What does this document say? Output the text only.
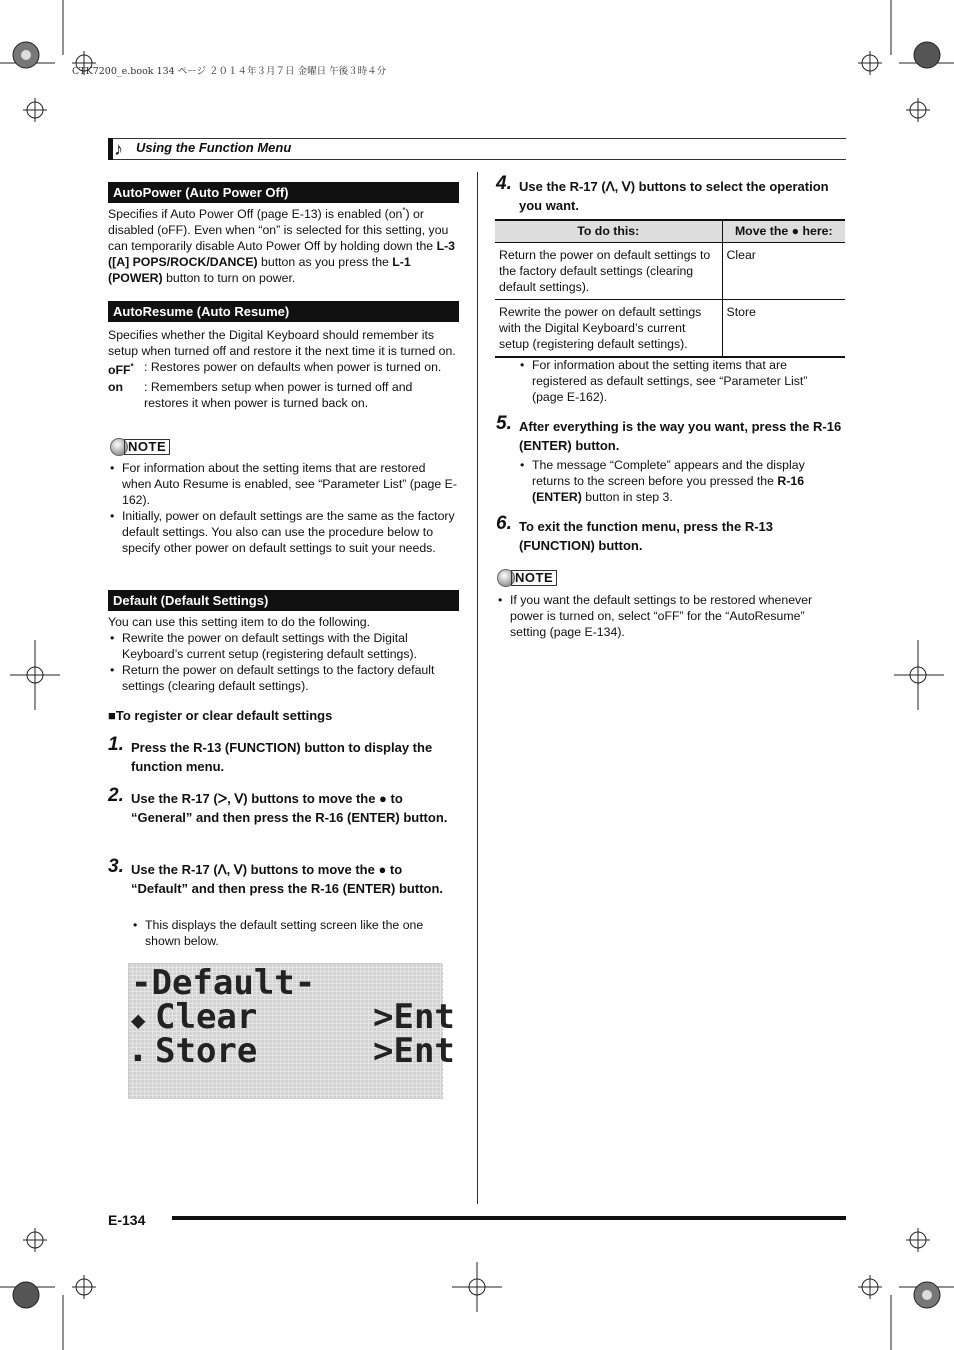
CTK7200_e.book 134 ページ ２０１４年３月７日 金曜日 午後３時４分
♪ Using the Function Menu
AutoPower (Auto Power Off)
Specifies if Auto Power Off (page E-13) is enabled (on*) or disabled (oFF). Even when “on” is selected for this setting, you can temporarily disable Auto Power Off by holding down the L-3 ([A] POPS/ROCK/DANCE) button as you press the L-1 (POWER) button to turn on power.
AutoResume (Auto Resume)
Specifies whether the Digital Keyboard should remember its setup when turned off and restore it the next time it is turned on.
oFF* : Restores power on defaults when power is turned on.
on	: Remembers setup when power is turned off and restores it when power is turned back on.
NOTE
• For information about the setting items that are restored when Auto Resume is enabled, see “Parameter List” (page E-162).
• Initially, power on default settings are the same as the factory default settings. You also can use the procedure below to specify other power on default settings to suit your needs.
Default (Default Settings)
You can use this setting item to do the following.
• Rewrite the power on default settings with the Digital Keyboard’s current setup (registering default settings).
• Return the power on default settings to the factory default settings (clearing default settings).
■To register or clear default settings
1. Press the R-13 (FUNCTION) button to display the function menu.
2. Use the R-17 (ᐳ, ᐯ) buttons to move the ● to “General” and then press the R-16 (ENTER) button.
3. Use the R-17 (ᐱ, ᐯ) buttons to move the ● to “Default” and then press the R-16 (ENTER) button.
• This displays the default setting screen like the one shown below.
-Default-
◆ Clear	>Ent
▪ Store	>Ent
4. Use the R-17 (ᐱ, ᐯ) buttons to select the operation you want.
To do this:	Move the ● here:
Return the power on default settings to the factory default settings (clearing default settings).	Clear
Rewrite the power on default settings with the Digital Keyboard’s current setup (registering default settings).	Store
• For information about the setting items that are registered as default settings, see “Parameter List” (page E-162).
5. After everything is the way you want, press the R-16 (ENTER) button.
• The message “Complete” appears and the display returns to the screen before you pressed the R-16 (ENTER) button in step 3.
6. To exit the function menu, press the R-13 (FUNCTION) button.
NOTE
• If you want the default settings to be restored whenever power is turned on, select “oFF” for the “AutoResume” setting (page E-134).
E-134
